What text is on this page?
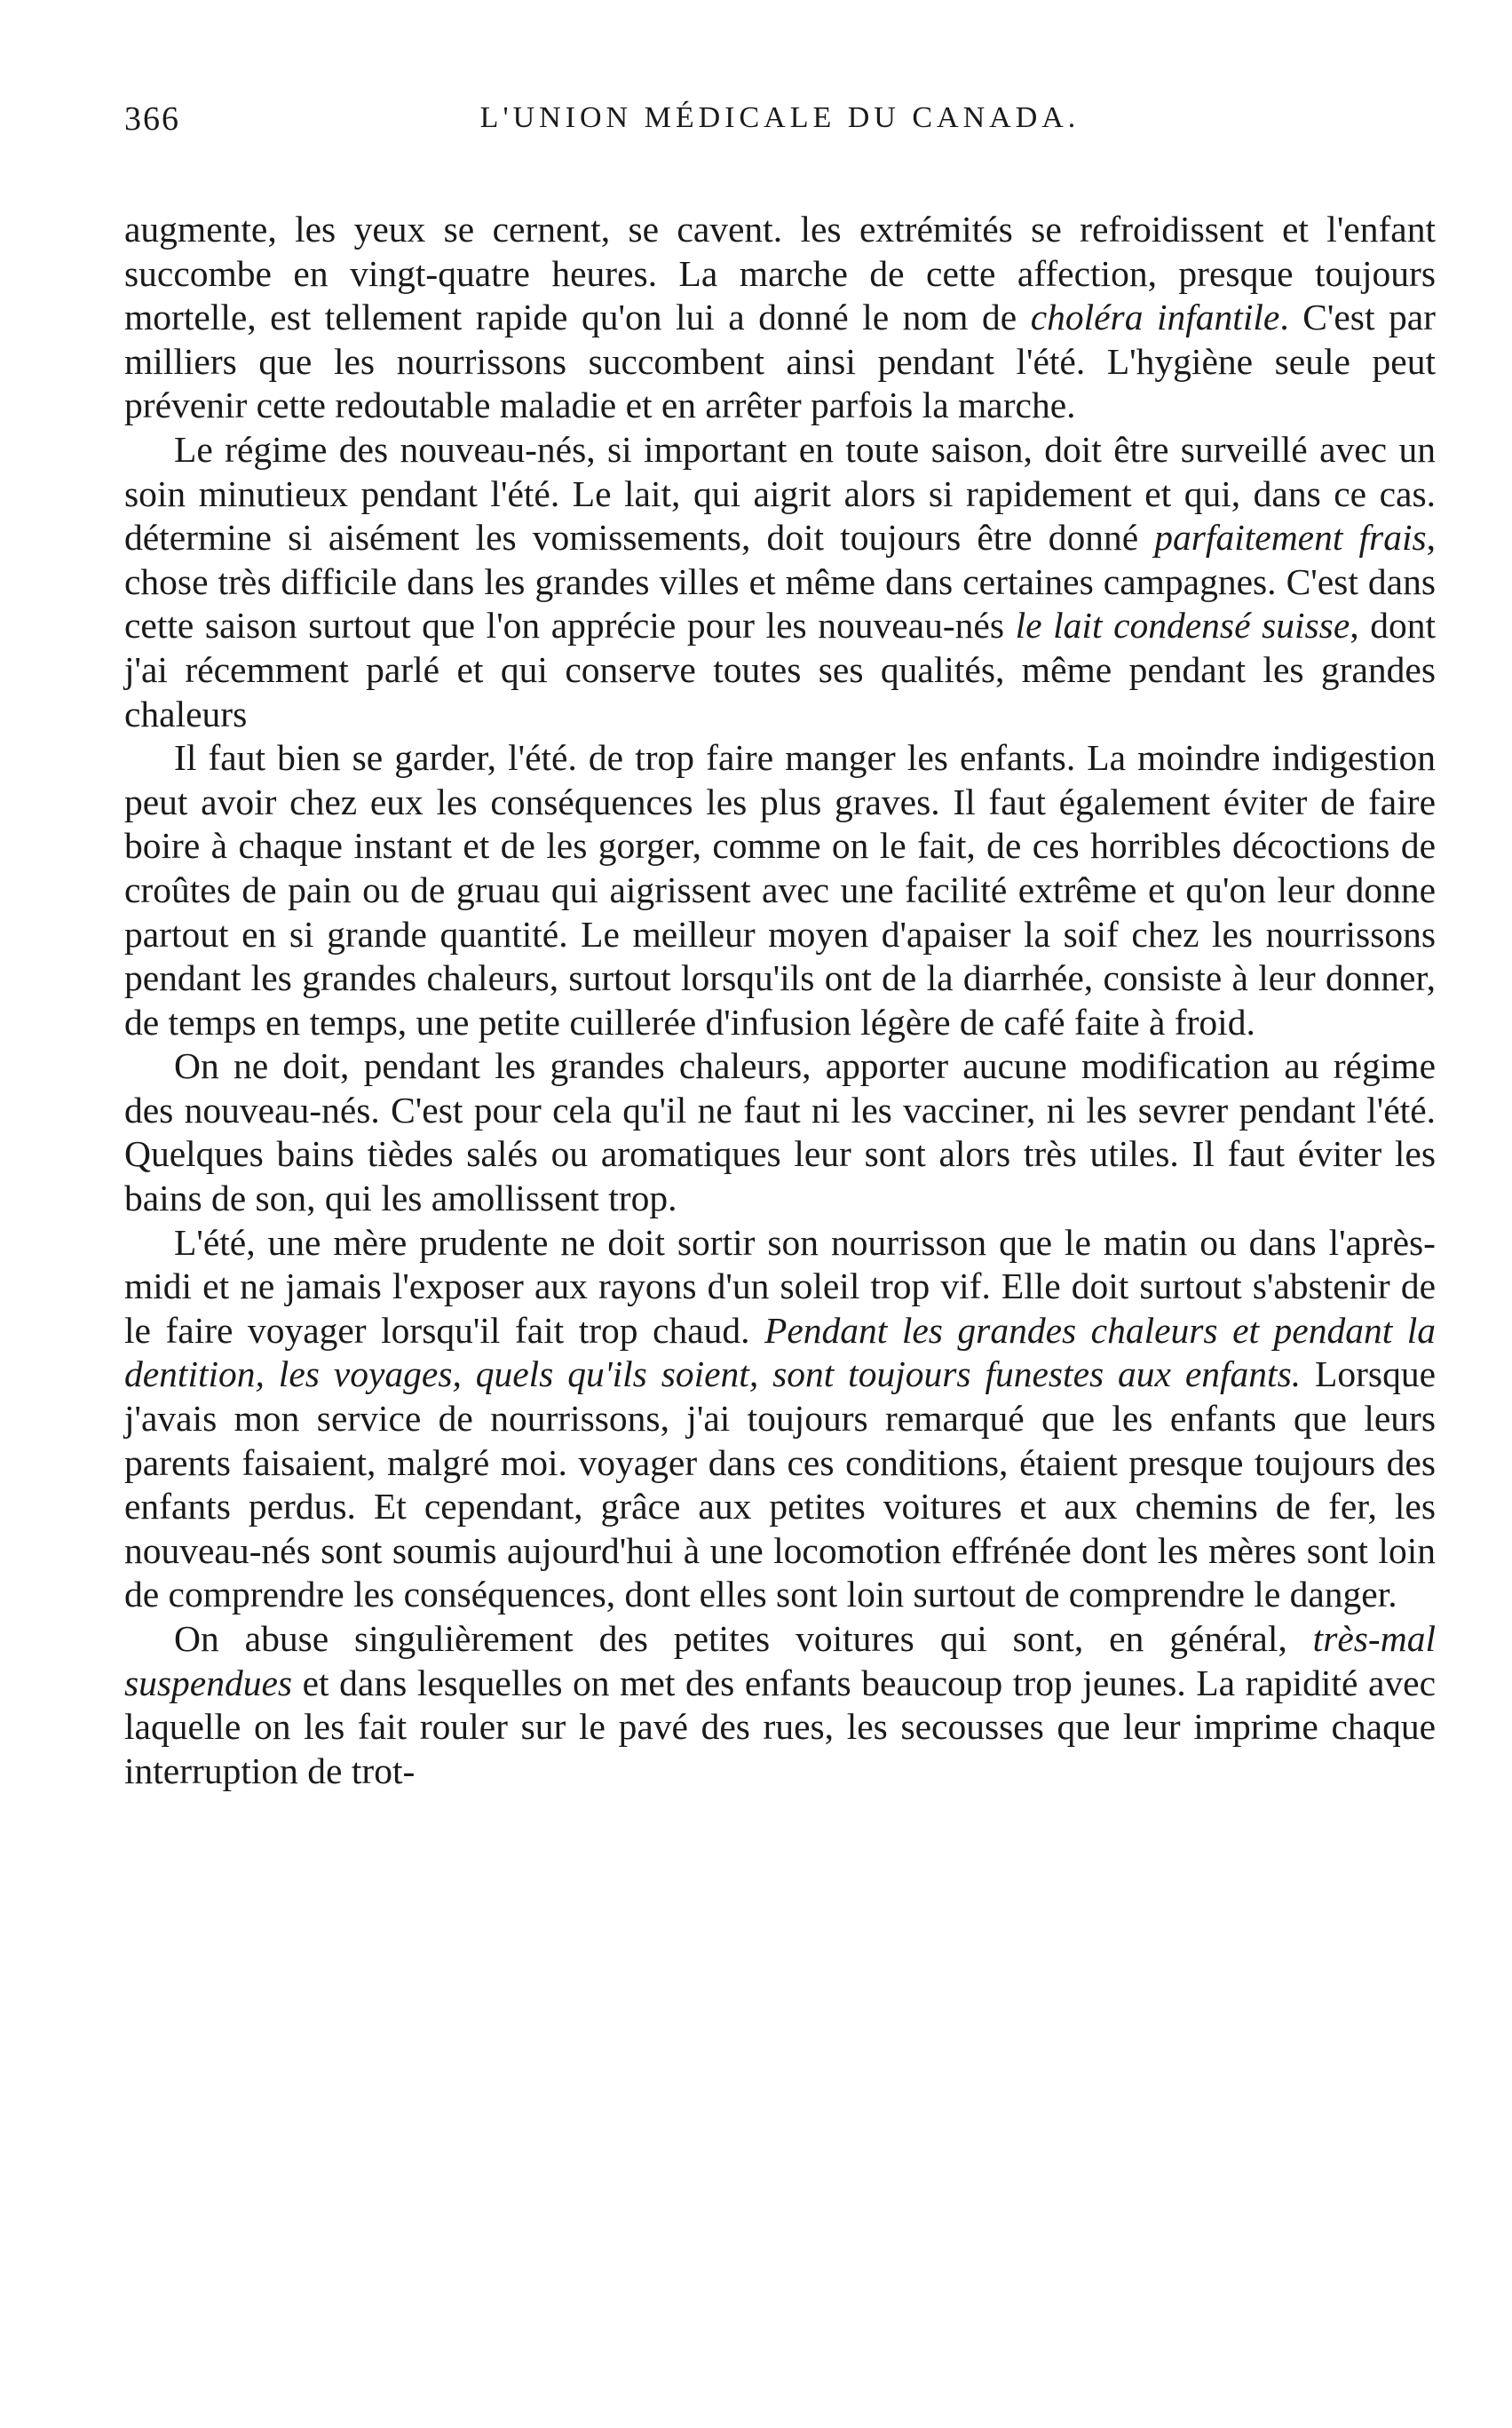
366	L'UNION MÉDICALE DU CANADA.

augmente, les yeux se cernent, se cavent. les extrémités se refroidissent et l'enfant succombe en vingt-quatre heures. La marche de cette affection, presque toujours mortelle, est tellement rapide qu'on lui a donné le nom de choléra infantile. C'est par milliers que les nourrissons succombent ainsi pendant l'été. L'hygiène seule peut prévenir cette redoutable maladie et en arrêter parfois la marche.

Le régime des nouveau-nés, si important en toute saison, doit être surveillé avec un soin minutieux pendant l'été. Le lait, qui aigrit alors si rapidement et qui, dans ce cas. détermine si aisément les vomissements, doit toujours être donné parfaitement frais, chose très difficile dans les grandes villes et même dans certaines campagnes. C'est dans cette saison surtout que l'on apprécie pour les nouveau-nés le lait condensé suisse, dont j'ai récemment parlé et qui conserve toutes ses qualités, même pendant les grandes chaleurs

Il faut bien se garder, l'été. de trop faire manger les enfants. La moindre indigestion peut avoir chez eux les conséquences les plus graves. Il faut également éviter de faire boire à chaque instant et de les gorger, comme on le fait, de ces horribles décoctions de croûtes de pain ou de gruau qui aigrissent avec une facilité extrême et qu'on leur donne partout en si grande quantité. Le meilleur moyen d'apaiser la soif chez les nourrissons pendant les grandes chaleurs, surtout lorsqu'ils ont de la diarrhée, consiste à leur donner, de temps en temps, une petite cuillerée d'infusion légère de café faite à froid.

On ne doit, pendant les grandes chaleurs, apporter aucune modification au régime des nouveau-nés. C'est pour cela qu'il ne faut ni les vacciner, ni les sevrer pendant l'été. Quelques bains tièdes salés ou aromatiques leur sont alors très utiles. Il faut éviter les bains de son, qui les amollissent trop.

L'été, une mère prudente ne doit sortir son nourrisson que le matin ou dans l'après-midi et ne jamais l'exposer aux rayons d'un soleil trop vif. Elle doit surtout s'abstenir de le faire voyager lorsqu'il fait trop chaud. Pendant les grandes chaleurs et pendant la dentition, les voyages, quels qu'ils soient, sont toujours funestes aux enfants. Lorsque j'avais mon service de nourrissons, j'ai toujours remarqué que les enfants que leurs parents faisaient, malgré moi. voyager dans ces conditions, étaient presque toujours des enfants perdus. Et cependant, grâce aux petites voitures et aux chemins de fer, les nouveau-nés sont soumis aujourd'hui à une locomotion effrénée dont les mères sont loin de comprendre les conséquences, dont elles sont loin surtout de comprendre le danger.

On abuse singulièrement des petites voitures qui sont, en général, très-mal suspendues et dans lesquelles on met des enfants beaucoup trop jeunes. La rapidité avec laquelle on les fait rouler sur le pavé des rues, les secousses que leur imprime chaque interruption de trot-
